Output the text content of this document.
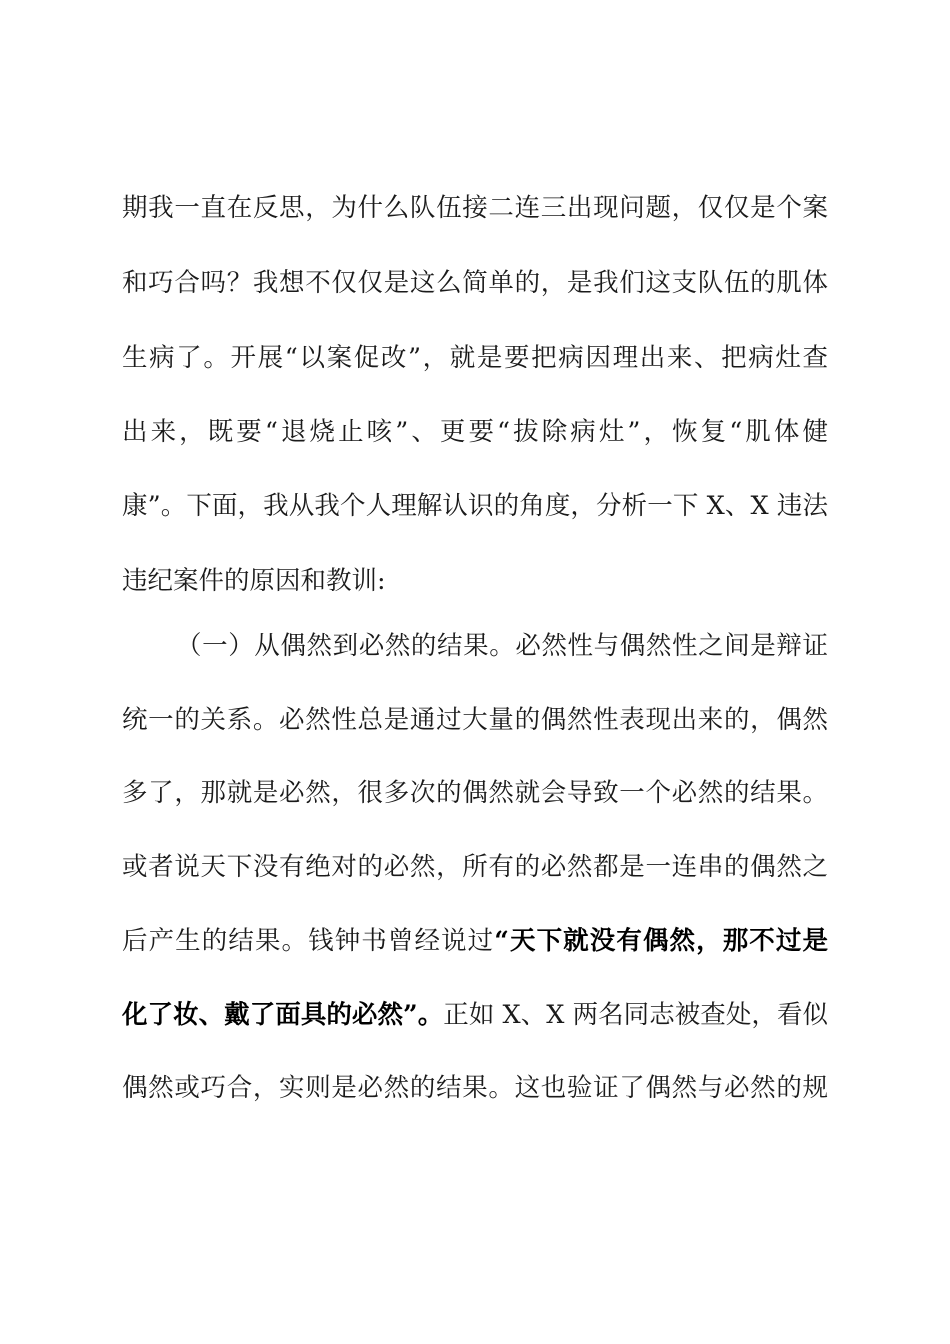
期我一直在反思，为什么队伍接二连三出现问题，仅仅是个案
和巧合吗？我想不仅仅是这么简单的，是我们这支队伍的肌体
生病了。开展“以案促改”，就是要把病因理出来、把病灶查
出来，既要“退烧止咳”、更要“拔除病灶”，恢复“肌体健
康”。下面，我从我个人理解认识的角度，分析一下 X、X 违法
违纪案件的原因和教训:
（一）从偶然到必然的结果。必然性与偶然性之间是辩证
统一的关系。必然性总是通过大量的偶然性表现出来的，偶然
多了，那就是必然，很多次的偶然就会导致一个必然的结果。
或者说天下没有绝对的必然，所有的必然都是一连串的偶然之
后产生的结果。钱钟书曾经说过“天下就没有偶然，那不过是
化了妆、戴了面具的必然”。正如 X、X 两名同志被查处，看似
偶然或巧合，实则是必然的结果。这也验证了偶然与必然的规
